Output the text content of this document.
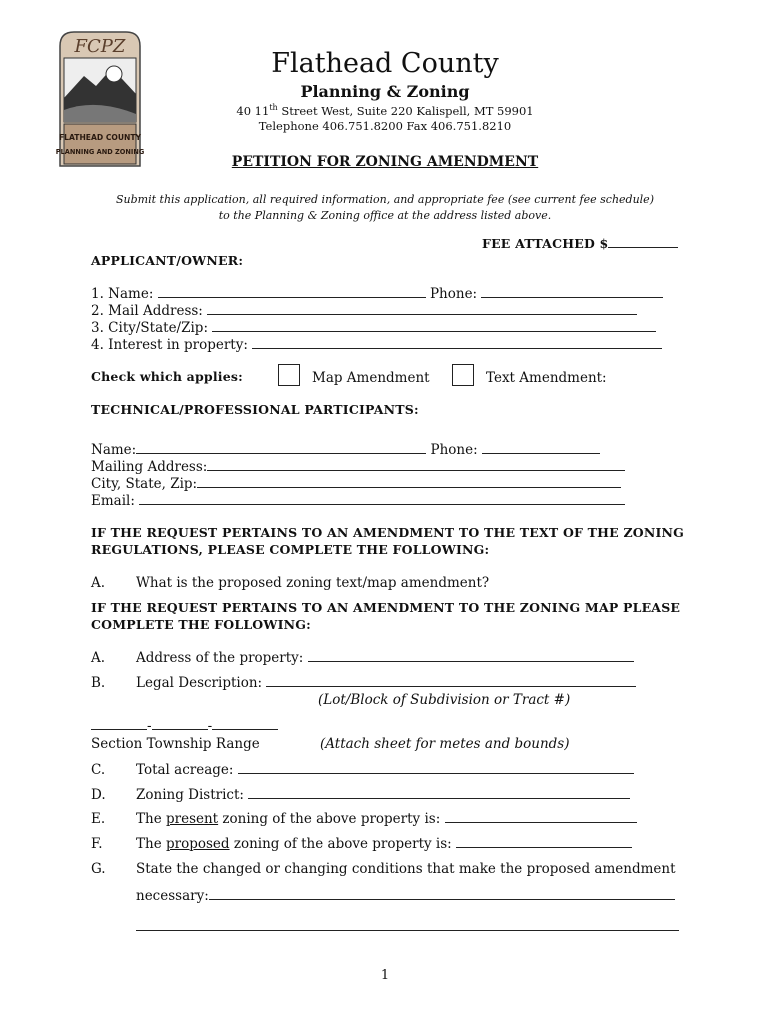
FCPZ
FLATHEAD COUNTY
PLANNING AND ZONING
Flathead County
Planning & Zoning
40 11th Street West, Suite 220 Kalispell, MT 59901
Telephone 406.751.8200 Fax 406.751.8210
PETITION FOR ZONING AMENDMENT
Submit this application, all required information, and appropriate fee (see current fee schedule)
to the Planning & Zoning office at the address listed above.
FEE ATTACHED $
APPLICANT/OWNER:
1. Name:	Phone:
2. Mail Address:
3. City/State/Zip:
4. Interest in property:
Check which applies:	Map Amendment	Text Amendment:
TECHNICAL/PROFESSIONAL PARTICIPANTS:
Name:	Phone:
Mailing Address:
City, State, Zip:
Email:
IF THE REQUEST PERTAINS TO AN AMENDMENT TO THE TEXT OF THE ZONING
REGULATIONS, PLEASE COMPLETE THE FOLLOWING:
A. What is the proposed zoning text/map amendment?
IF THE REQUEST PERTAINS TO AN AMENDMENT TO THE ZONING MAP PLEASE
COMPLETE THE FOLLOWING:
A. Address of the property:
B. Legal Description:
(Lot/Block of Subdivision or Tract #)
-	-
Section Township Range	(Attach sheet for metes and bounds)
C. Total acreage:
D. Zoning District:
E. The present zoning of the above property is:
F. The proposed zoning of the above property is:
G. State the changed or changing conditions that make the proposed amendment
necessary:
1
